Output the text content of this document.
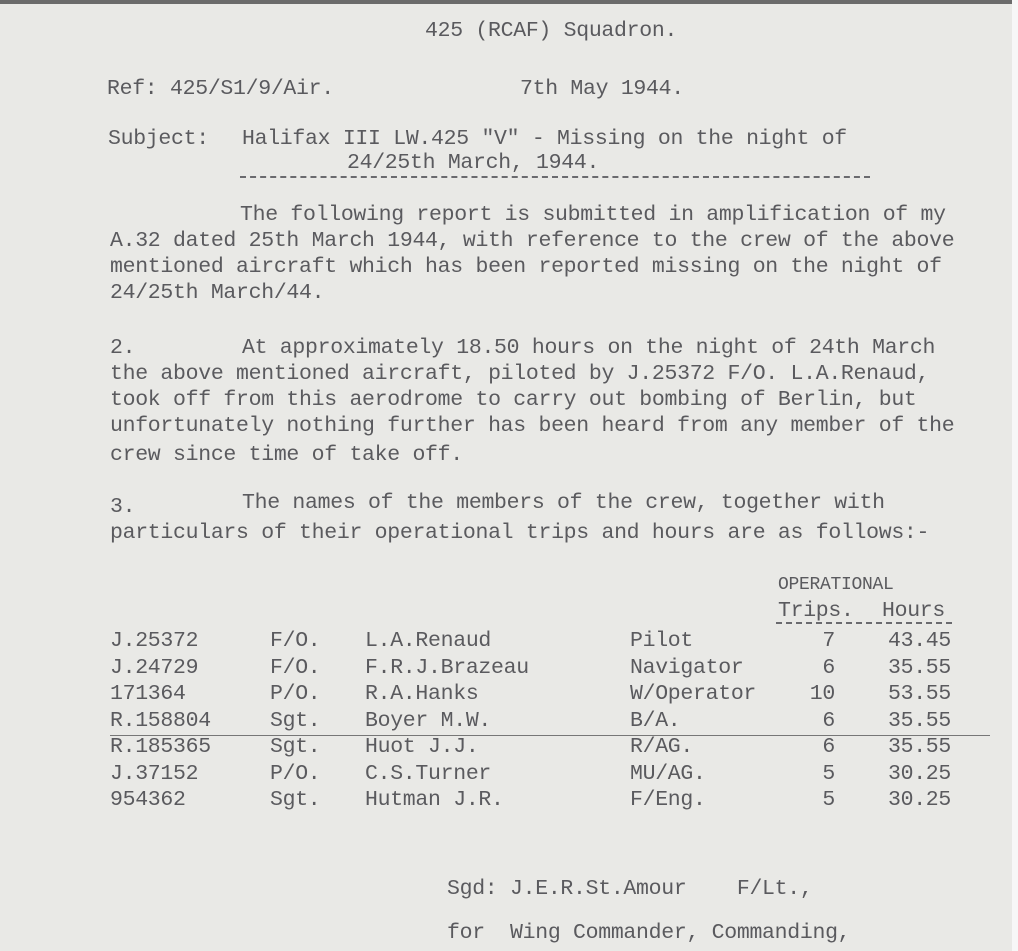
425 (RCAF) Squadron.
Ref: 425/S1/9/Air.	7th May 1944.
Subject: Halifax III LW.425 "V" - Missing on the night of
24/25th March, 1944.
The following report is submitted in amplification of my
A.32 dated 25th March 1944, with reference to the crew of the above
mentioned aircraft which has been reported missing on the night of
24/25th March/44.
2.	At approximately 18.50 hours on the night of 24th March
the above mentioned aircraft, piloted by J.25372 F/O. L.A.Renaud,
took off from this aerodrome to carry out bombing of Berlin, but
unfortunately nothing further has been heard from any member of the
crew since time of take off.
3.	The names of the members of the crew, together with
particulars of their operational trips and hours are as follows:-
OPERATIONAL
Trips. Hours
J.25372	F/O. L.A.Renaud	Pilot	7 43.45
J.24729	F/O. F.R.J.Brazeau	Navigator	6 35.55
171364	P/O. R.A.Hanks	W/Operator	10 53.55
R.158804	Sgt. Boyer M.W.	B/A.	6 35.55
R.185365	Sgt. Huot J.J.	R/AG.	6 35.55
J.37152	P/O. C.S.Turner	MU/AG.	5 30.25
954362	Sgt. Hutman J.R.	F/Eng.	5 30.25
Sgd: J.E.R.St.Amour    F/Lt.,
for  Wing Commander, Commanding,
